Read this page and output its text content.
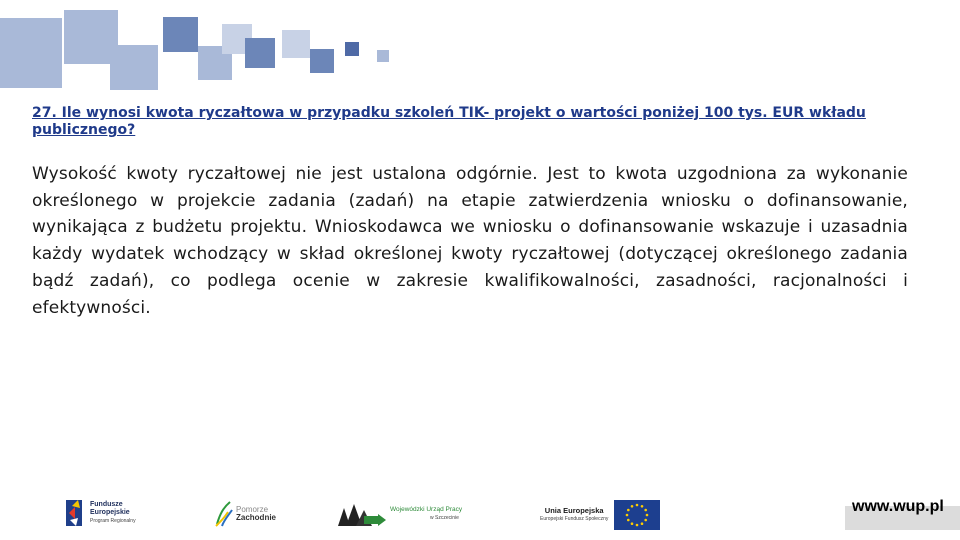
27. Ile wynosi kwota ryczałtowa w przypadku szkoleń TIK- projekt o wartości poniżej 100 tys. EUR wkładu publicznego?

Wysokość kwoty ryczałtowej nie jest ustalona odgórnie. Jest to kwota uzgodniona za wykonanie określonego w projekcie zadania (zadań) na etapie zatwierdzenia wniosku o dofinansowanie, wynikająca z budżetu projektu. Wnioskodawca we wniosku o dofinansowanie wskazuje i uzasadnia każdy wydatek wchodzący w skład określonej kwoty ryczałtowej (dotyczącej określonego zadania bądź zadań), co podlega ocenie w zakresie kwalifikowalności, zasadności, racjonalności i efektywności.

Fundusze
Europejskie
Program Regionalny
Pomorze
Zachodnie
Wojewódzki Urząd Pracy
w Szczecinie
Unia Europejska
Europejski Fundusz Społeczny
www.wup.pl
